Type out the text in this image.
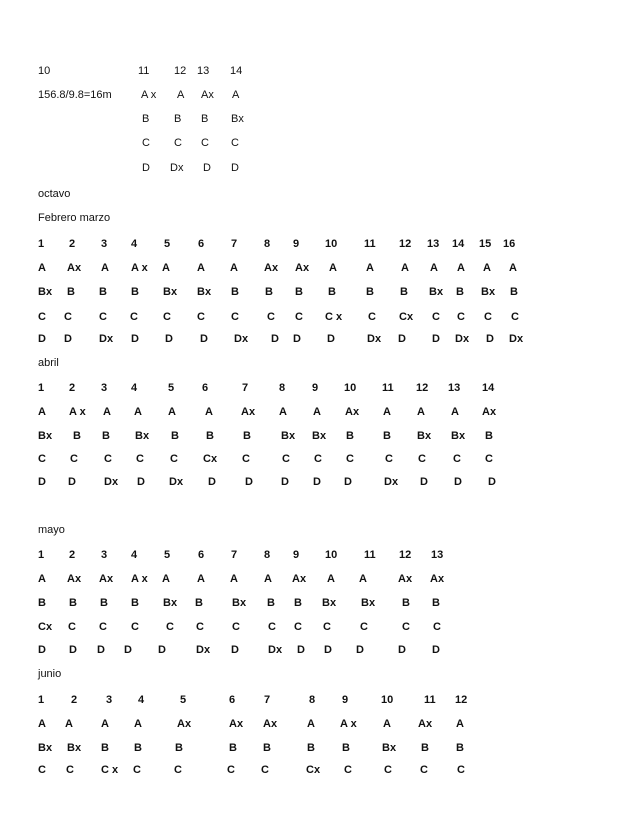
10	11 12 13 14
156.8/9.8=16m	A x A Ax A
B B B Bx
C C C C
D Dx D D
octavo
Febrero marzo
1 2 3 4 5	6 7 8 9 10 11 12 13 14 15 16
A Ax A A x A A A Ax Ax A	A A A A A A
Bx B B B Bx Bx B B B B	B B Bx B Bx B
C C C C C C C	C C C x C Cx C C C C
D D Dx D D D Dx D D D	Dx D D Dx D Dx
abril
1 2 3 4	5	6	7	8 9 10 11 12 13 14
A A x A A A	A	Ax A A Ax A A A Ax
Bx B B Bx B B	B	Bx Bx B	B Bx Bx B
C C C C C Cx C	C C C	C C C C
D D	Dx D Dx D	D	D D D	Dx D D D
mayo
1 2 3 4 5	6 7 8 9 10 11 12 13
A Ax Ax A x A A A A Ax A A	Ax Ax
B B B B Bx B	Bx B B Bx Bx B B
Cx C C C C C	C	C C C	C	C C
D D D D D	Dx D	Dx D D D	D D
junio
1 2	3 4	5	6	7	8 9	10	11 12
A A	A A	Ax	Ax Ax	A A x A Ax A
Bx Bx B B	B	B B	B B	Bx B B
C C C x C	C	C C	Cx C	C	C	C
